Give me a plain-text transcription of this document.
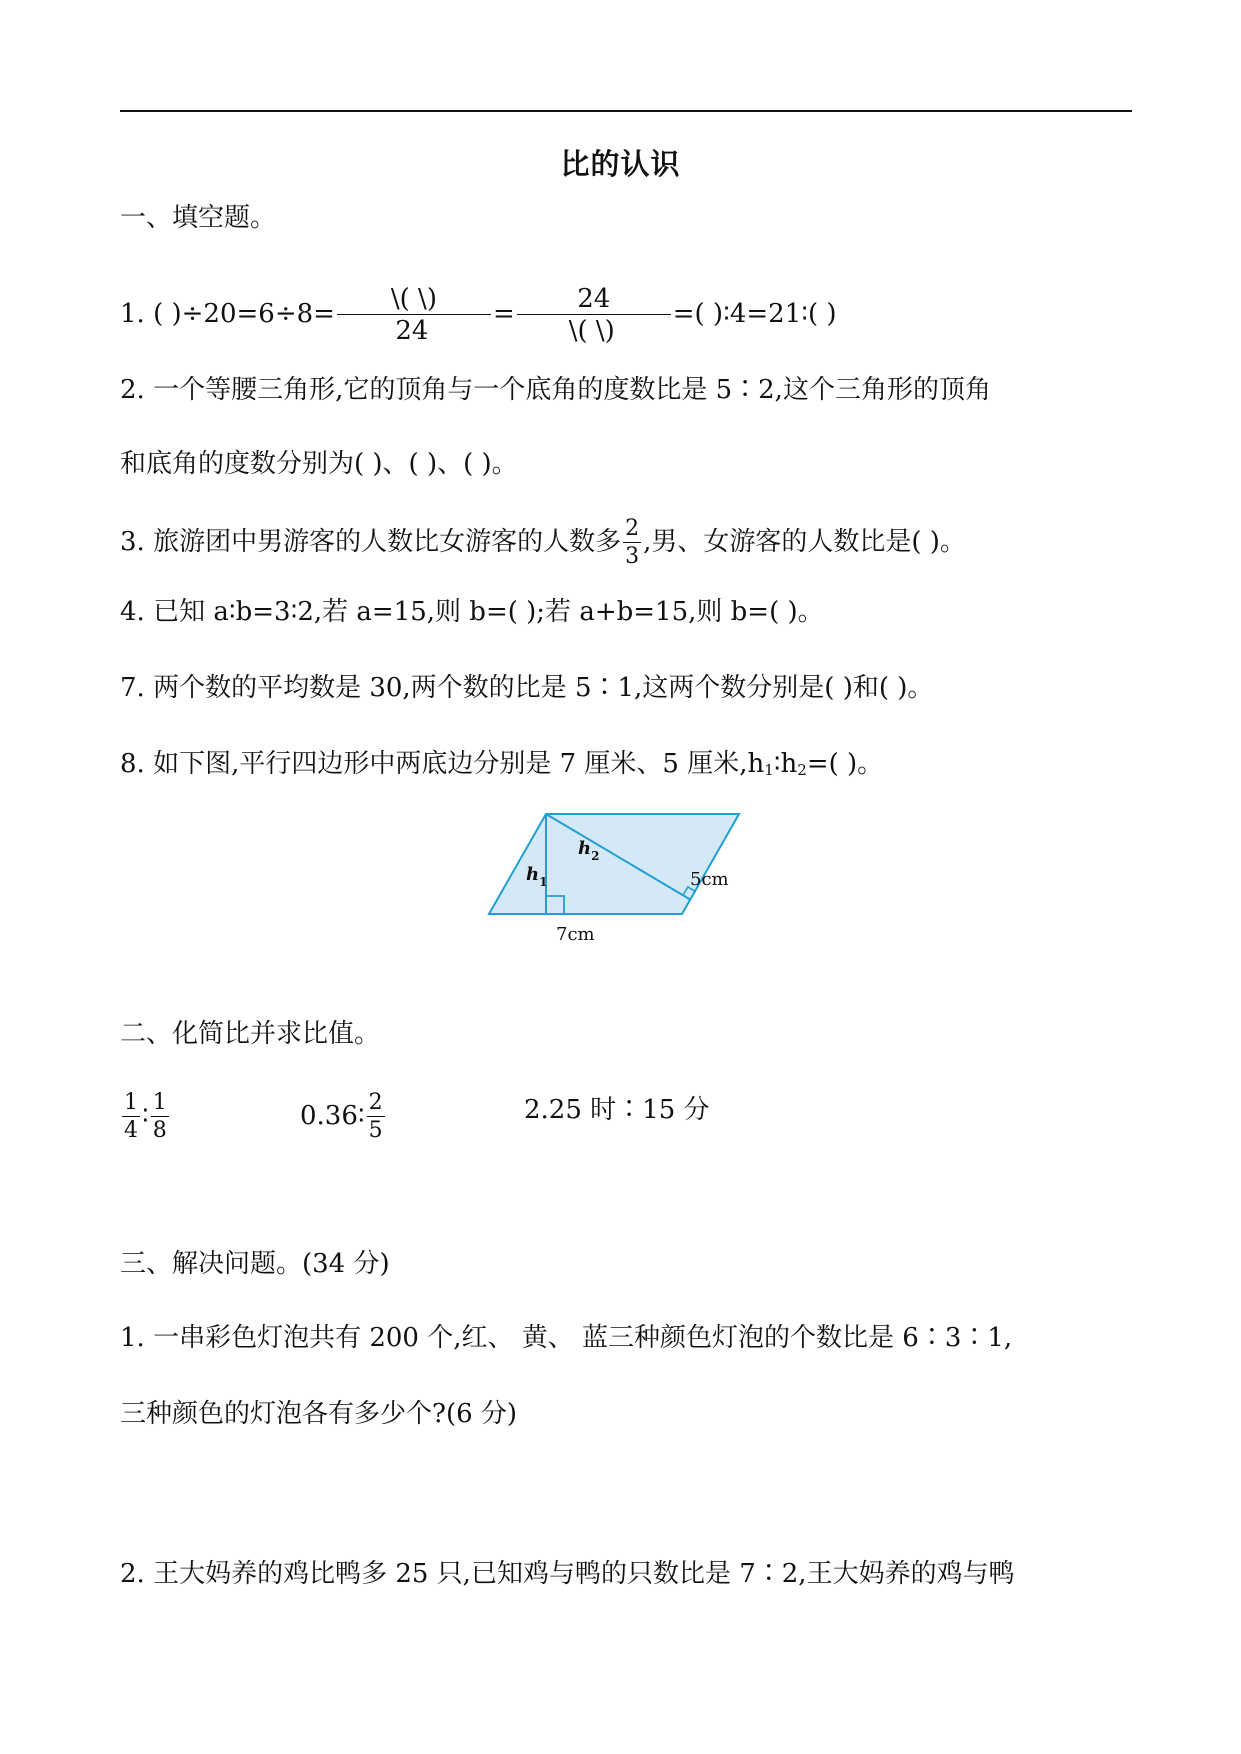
比的认识
一、填空题。
1. ( )$\div 20=6\div 8= \frac{\backslash( \backslash)}{24} = \frac{24}{\backslash( \backslash)}$ =( )∶4=21∶( )
2. 一个等腰三角形,它的顶角与一个底角的度数比是 5∶2,这个三角形的顶角
和底角的度数分别为( )、( )、( )。
3. 旅游团中男游客的人数比女游客的人数多 $\frac{2}{3}$ ,男、女游客的人数比是( )。
4. 已知 a∶b=3∶2,若 a=15,则 b=( );若 a+b=15,则 b=( )。
7. 两个数的平均数是 30,两个数的比是 5∶1,这两个数分别是( )和( )。
8. 如下图,平行四边形中两底边分别是 7 厘米、5 厘米$,h_1∶h_2=$( )。
$h_1$
$h_2$
7cm
5cm
二、化简比并求比值。
$\frac{1}{4}$ ∶ $\frac{1}{8}$	0.36∶ $\frac{2}{5}$	2.25 时∶15 分
三、解决问题。(34 分)
1. 一串彩色灯泡共有 200 个,红、 黄、 蓝三种颜色灯泡的个数比是 6∶3∶1,
三种颜色的灯泡各有多少个?(6 分)
2. 王大妈养的鸡比鸭多 25 只,已知鸡与鸭的只数比是 7∶2,王大妈养的鸡与鸭
